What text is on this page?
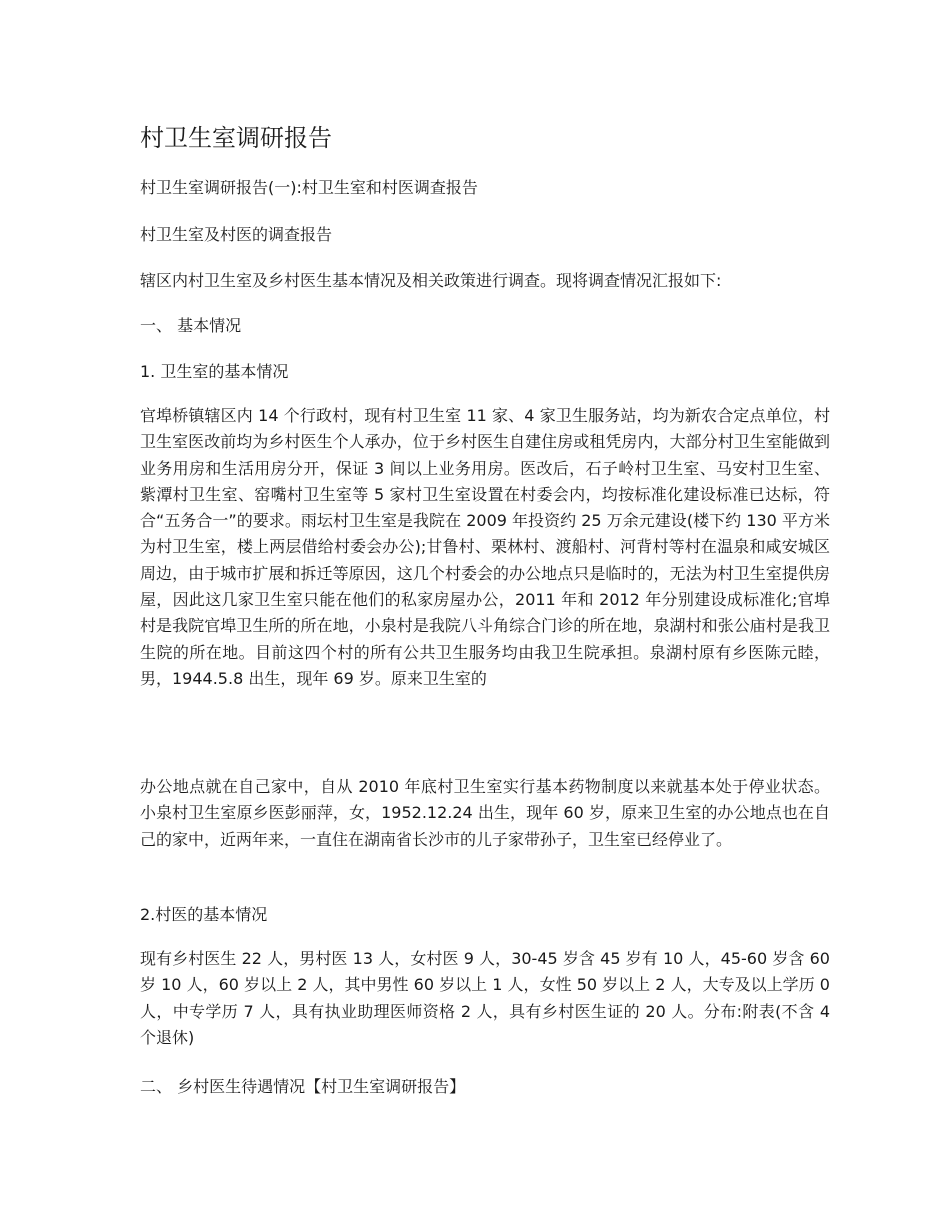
村卫生室调研报告

村卫生室调研报告(一):村卫生室和村医调查报告

村卫生室及村医的调查报告

辖区内村卫生室及乡村医生基本情况及相关政策进行调查。现将调查情况汇报如下:

一、 基本情况

1. 卫生室的基本情况

官埠桥镇辖区内 14 个行政村，现有村卫生室 11 家、4 家卫生服务站，均为新农合定点单位，村卫生室医改前均为乡村医生个人承办，位于乡村医生自建住房或租凭房内，大部分村卫生室能做到业务用房和生活用房分开，保证 3 间以上业务用房。医改后，石子岭村卫生室、马安村卫生室、紫潭村卫生室、窑嘴村卫生室等 5 家村卫生室设置在村委会内，均按标准化建设标准已达标，符合“五务合一”的要求。雨坛村卫生室是我院在 2009 年投资约 25 万余元建设(楼下约 130 平方米为村卫生室，楼上两层借给村委会办公);甘鲁村、栗林村、渡船村、河背村等村在温泉和咸安城区周边，由于城市扩展和拆迁等原因，这几个村委会的办公地点只是临时的，无法为村卫生室提供房屋，因此这几家卫生室只能在他们的私家房屋办公，2011 年和 2012 年分别建设成标准化;官埠村是我院官埠卫生所的所在地，小泉村是我院八斗角综合门诊的所在地，泉湖村和张公庙村是我卫生院的所在地。目前这四个村的所有公共卫生服务均由我卫生院承担。泉湖村原有乡医陈元睦，男，1944.5.8 出生，现年 69 岁。原来卫生室的

办公地点就在自己家中，自从 2010 年底村卫生室实行基本药物制度以来就基本处于停业状态。小泉村卫生室原乡医彭丽萍，女，1952.12.24 出生，现年 60 岁，原来卫生室的办公地点也在自己的家中，近两年来，一直住在湖南省长沙市的儿子家带孙子，卫生室已经停业了。

2.村医的基本情况

现有乡村医生 22 人，男村医 13 人，女村医 9 人，30-45 岁含 45 岁有 10 人，45-60 岁含 60 岁 10 人，60 岁以上 2 人，其中男性 60 岁以上 1 人，女性 50 岁以上 2 人，大专及以上学历 0 人，中专学历 7 人，具有执业助理医师资格 2 人，具有乡村医生证的 20 人。分布:附表(不含 4 个退休)

二、 乡村医生待遇情况【村卫生室调研报告】
